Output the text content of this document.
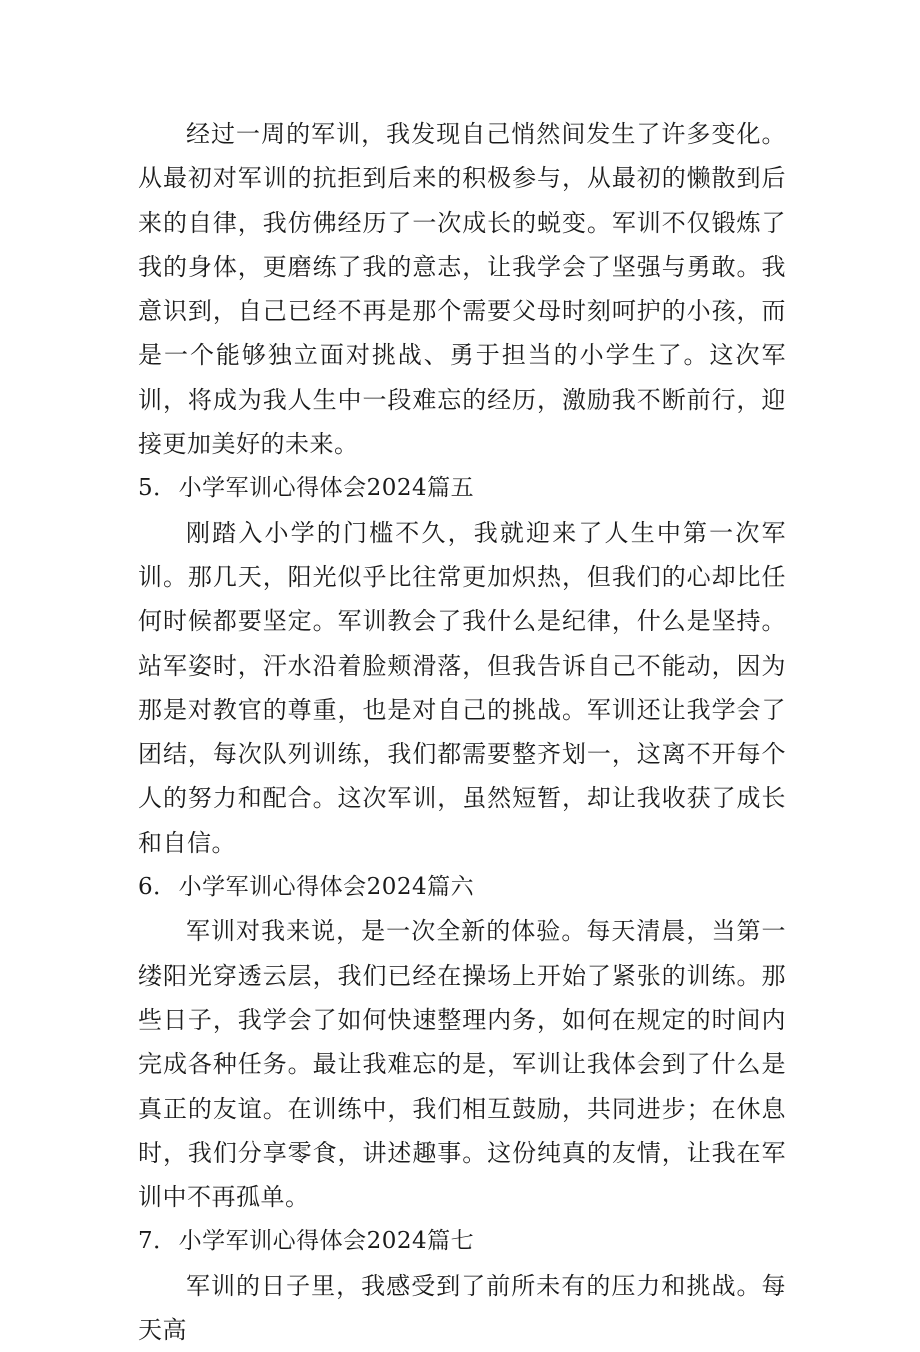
经过一周的军训，我发现自己悄然间发生了许多变化。从最初对军训的抗拒到后来的积极参与，从最初的懒散到后来的自律，我仿佛经历了一次成长的蜕变。军训不仅锻炼了我的身体，更磨练了我的意志，让我学会了坚强与勇敢。我意识到，自己已经不再是那个需要父母时刻呵护的小孩，而是一个能够独立面对挑战、勇于担当的小学生了。这次军训，将成为我人生中一段难忘的经历，激励我不断前行，迎接更加美好的未来。

5．小学军训心得体会2024篇五

刚踏入小学的门槛不久，我就迎来了人生中第一次军训。那几天，阳光似乎比往常更加炽热，但我们的心却比任何时候都要坚定。军训教会了我什么是纪律，什么是坚持。站军姿时，汗水沿着脸颊滑落，但我告诉自己不能动，因为那是对教官的尊重，也是对自己的挑战。军训还让我学会了团结，每次队列训练，我们都需要整齐划一，这离不开每个人的努力和配合。这次军训，虽然短暂，却让我收获了成长和自信。

6．小学军训心得体会2024篇六

军训对我来说，是一次全新的体验。每天清晨，当第一缕阳光穿透云层，我们已经在操场上开始了紧张的训练。那些日子，我学会了如何快速整理内务，如何在规定的时间内完成各种任务。最让我难忘的是，军训让我体会到了什么是真正的友谊。在训练中，我们相互鼓励，共同进步；在休息时，我们分享零食，讲述趣事。这份纯真的友情，让我在军训中不再孤单。

7．小学军训心得体会2024篇七

军训的日子里，我感受到了前所未有的压力和挑战。每天高
